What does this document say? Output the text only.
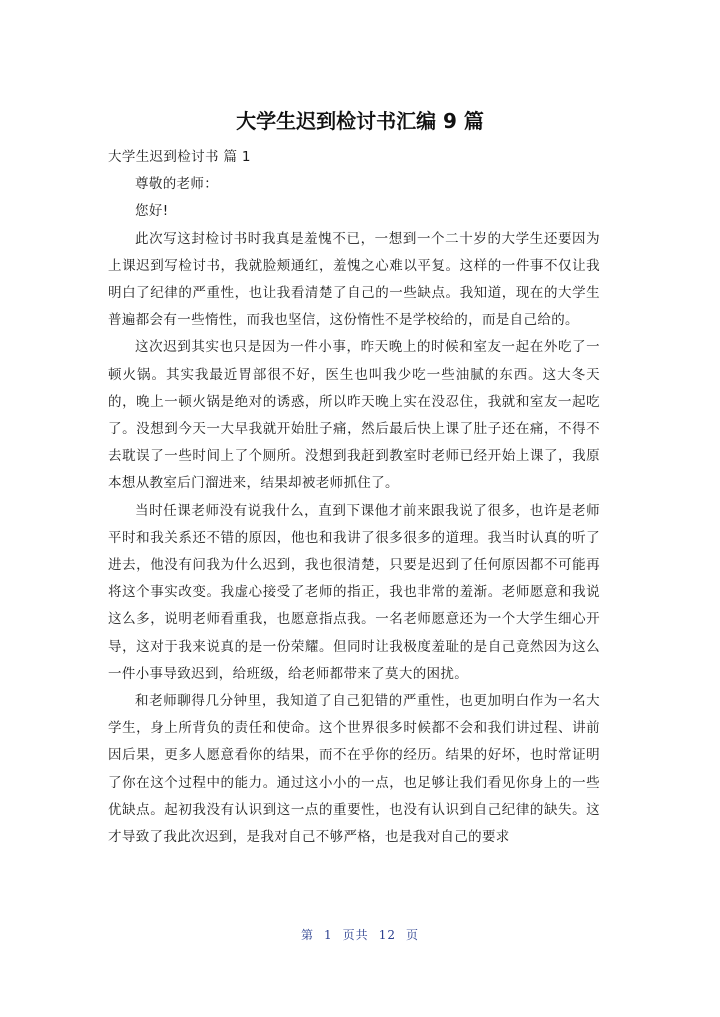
大学生迟到检讨书汇编 9 篇

大学生迟到检讨书 篇 1

尊敬的老师：

您好!

此次写这封检讨书时我真是羞愧不已，一想到一个二十岁的大学生还要因为上课迟到写检讨书，我就脸颊通红，羞愧之心难以平复。这样的一件事不仅让我明白了纪律的严重性，也让我看清楚了自己的一些缺点。我知道，现在的大学生普遍都会有一些惰性，而我也坚信，这份惰性不是学校给的，而是自己给的。

这次迟到其实也只是因为一件小事，昨天晚上的时候和室友一起在外吃了一顿火锅。其实我最近胃部很不好，医生也叫我少吃一些油腻的东西。这大冬天的，晚上一顿火锅是绝对的诱惑，所以昨天晚上实在没忍住，我就和室友一起吃了。没想到今天一大早我就开始肚子痛，然后最后快上课了肚子还在痛，不得不去耽误了一些时间上了个厕所。没想到我赶到教室时老师已经开始上课了，我原本想从教室后门溜进来，结果却被老师抓住了。

当时任课老师没有说我什么，直到下课他才前来跟我说了很多，也许是老师平时和我关系还不错的原因，他也和我讲了很多很多的道理。我当时认真的听了进去，他没有问我为什么迟到，我也很清楚，只要是迟到了任何原因都不可能再将这个事实改变。我虚心接受了老师的指正，我也非常的羞渐。老师愿意和我说这么多，说明老师看重我，也愿意指点我。一名老师愿意还为一个大学生细心开导，这对于我来说真的是一份荣耀。但同时让我极度羞耻的是自己竟然因为这么一件小事导致迟到，给班级，给老师都带来了莫大的困扰。

和老师聊得几分钟里，我知道了自己犯错的严重性，也更加明白作为一名大学生，身上所背负的责任和使命。这个世界很多时候都不会和我们讲过程、讲前因后果，更多人愿意看你的结果，而不在乎你的经历。结果的好坏，也时常证明了你在这个过程中的能力。通过这小小的一点，也足够让我们看见你身上的一些优缺点。起初我没有认识到这一点的重要性，也没有认识到自己纪律的缺失。这才导致了我此次迟到，是我对自己不够严格，也是我对自己的要求

第 1 页共 12 页
